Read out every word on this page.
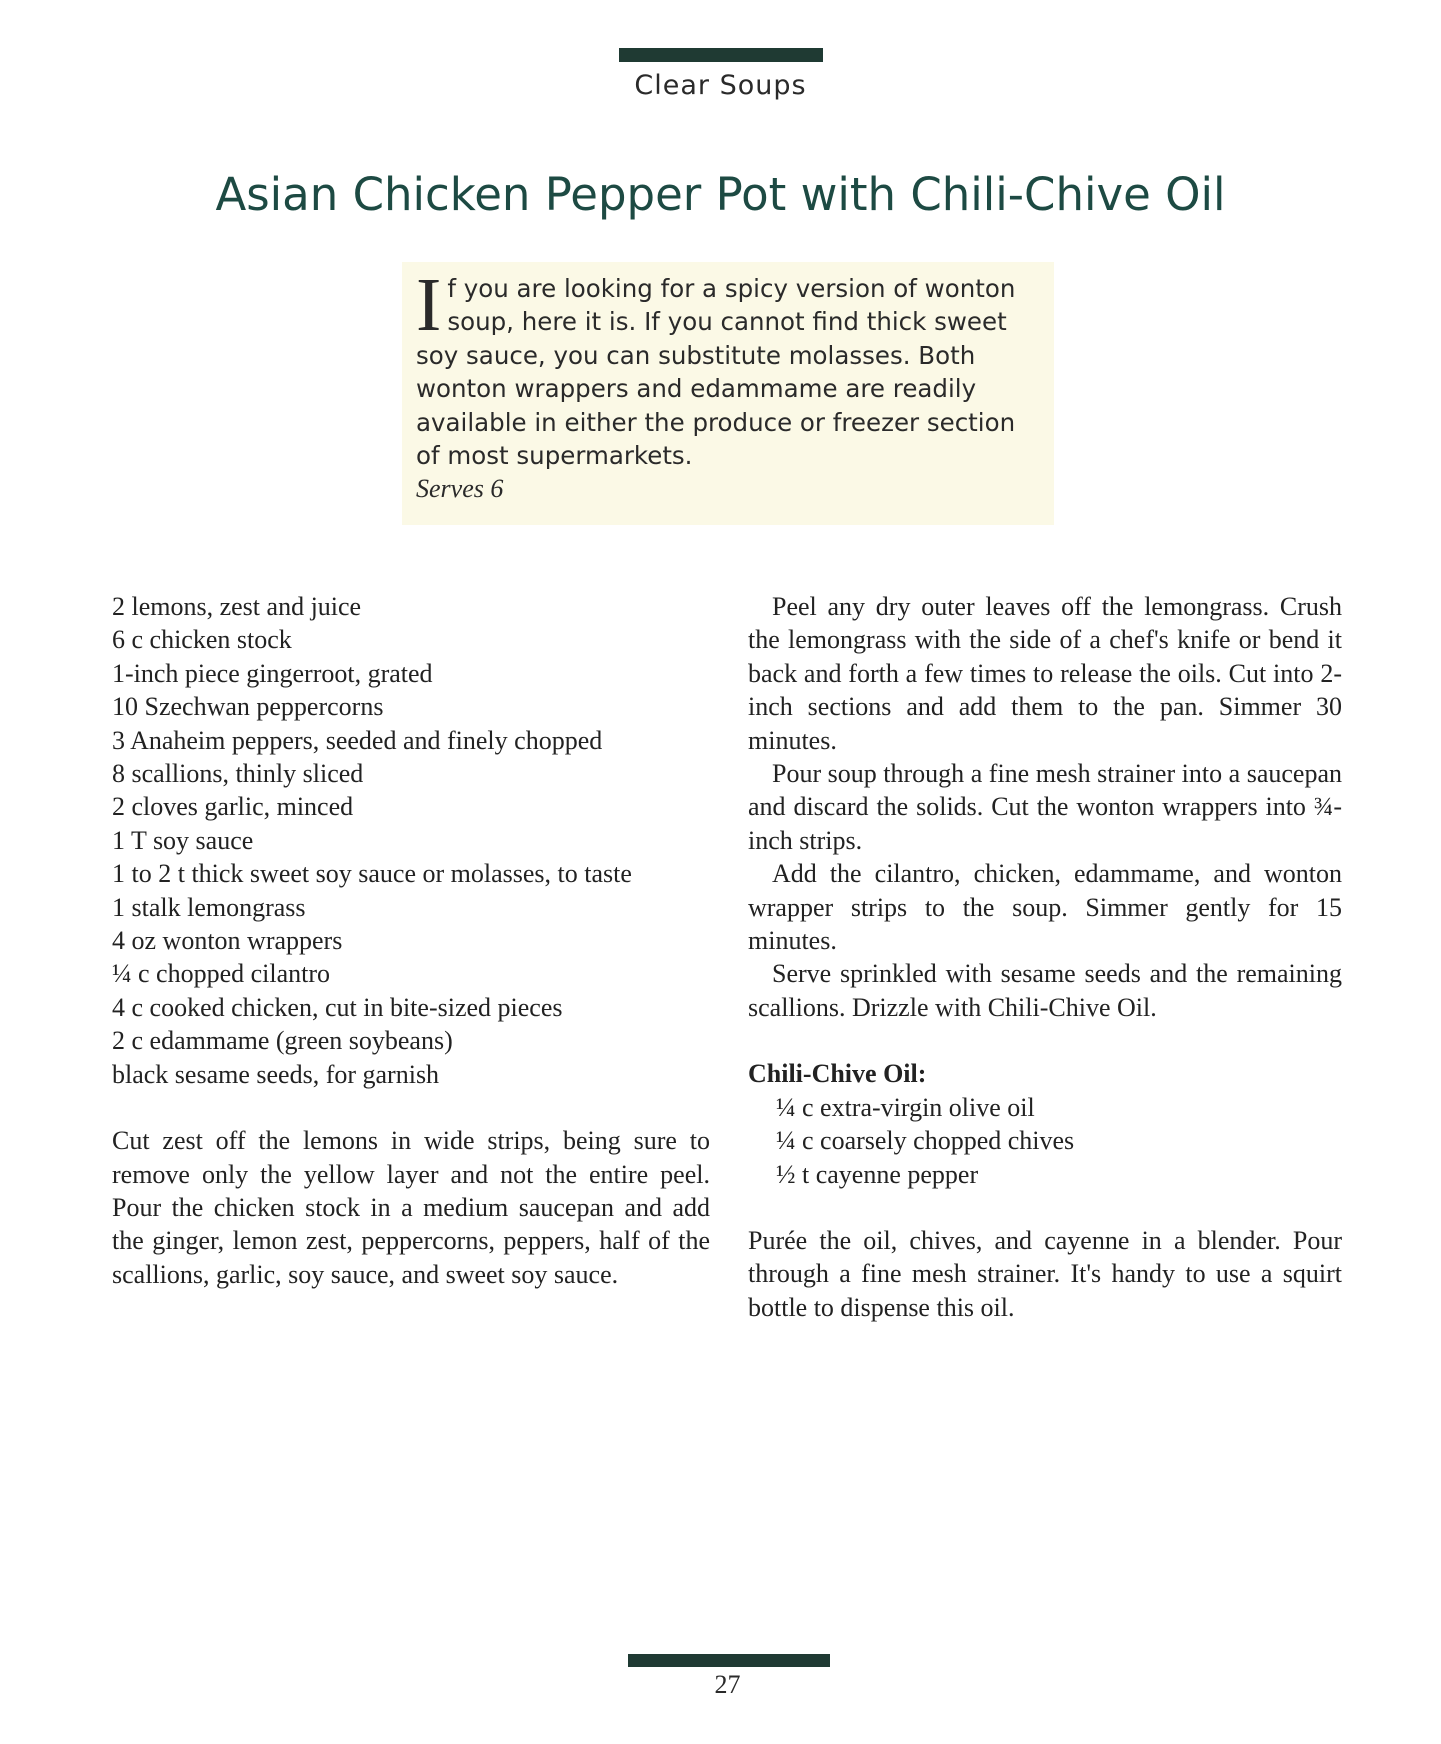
Clear Soups
Asian Chicken Pepper Pot with Chili-Chive Oil
If you are looking for a spicy version of wonton soup, here it is. If you cannot find thick sweet soy sauce, you can substitute molasses. Both wonton wrappers and edammame are readily available in either the produce or freezer section of most supermarkets.
Serves 6
2 lemons, zest and juice
6 c chicken stock
1-inch piece gingerroot, grated
10 Szechwan peppercorns
3 Anaheim peppers, seeded and finely chopped
8 scallions, thinly sliced
2 cloves garlic, minced
1 T soy sauce
1 to 2 t thick sweet soy sauce or molasses, to taste
1 stalk lemongrass
4 oz wonton wrappers
¼ c chopped cilantro
4 c cooked chicken, cut in bite-sized pieces
2 c edammame (green soybeans)
black sesame seeds, for garnish

Cut zest off the lemons in wide strips, being sure to remove only the yellow layer and not the entire peel. Pour the chicken stock in a medium saucepan and add the ginger, lemon zest, peppercorns, peppers, half of the scallions, garlic, soy sauce, and sweet soy sauce.

Peel any dry outer leaves off the lemongrass. Crush the lemongrass with the side of a chef's knife or bend it back and forth a few times to release the oils. Cut into 2-inch sections and add them to the pan. Simmer 30 minutes.

Pour soup through a fine mesh strainer into a saucepan and discard the solids. Cut the wonton wrappers into ¾-inch strips.

Add the cilantro, chicken, edammame, and wonton wrapper strips to the soup. Simmer gently for 15 minutes.

Serve sprinkled with sesame seeds and the remaining scallions. Drizzle with Chili-Chive Oil.

Chili-Chive Oil:

¼ c extra-virgin olive oil
¼ c coarsely chopped chives
½ t cayenne pepper

Purée the oil, chives, and cayenne in a blender. Pour through a fine mesh strainer. It's handy to use a squirt bottle to dispense this oil.

27
